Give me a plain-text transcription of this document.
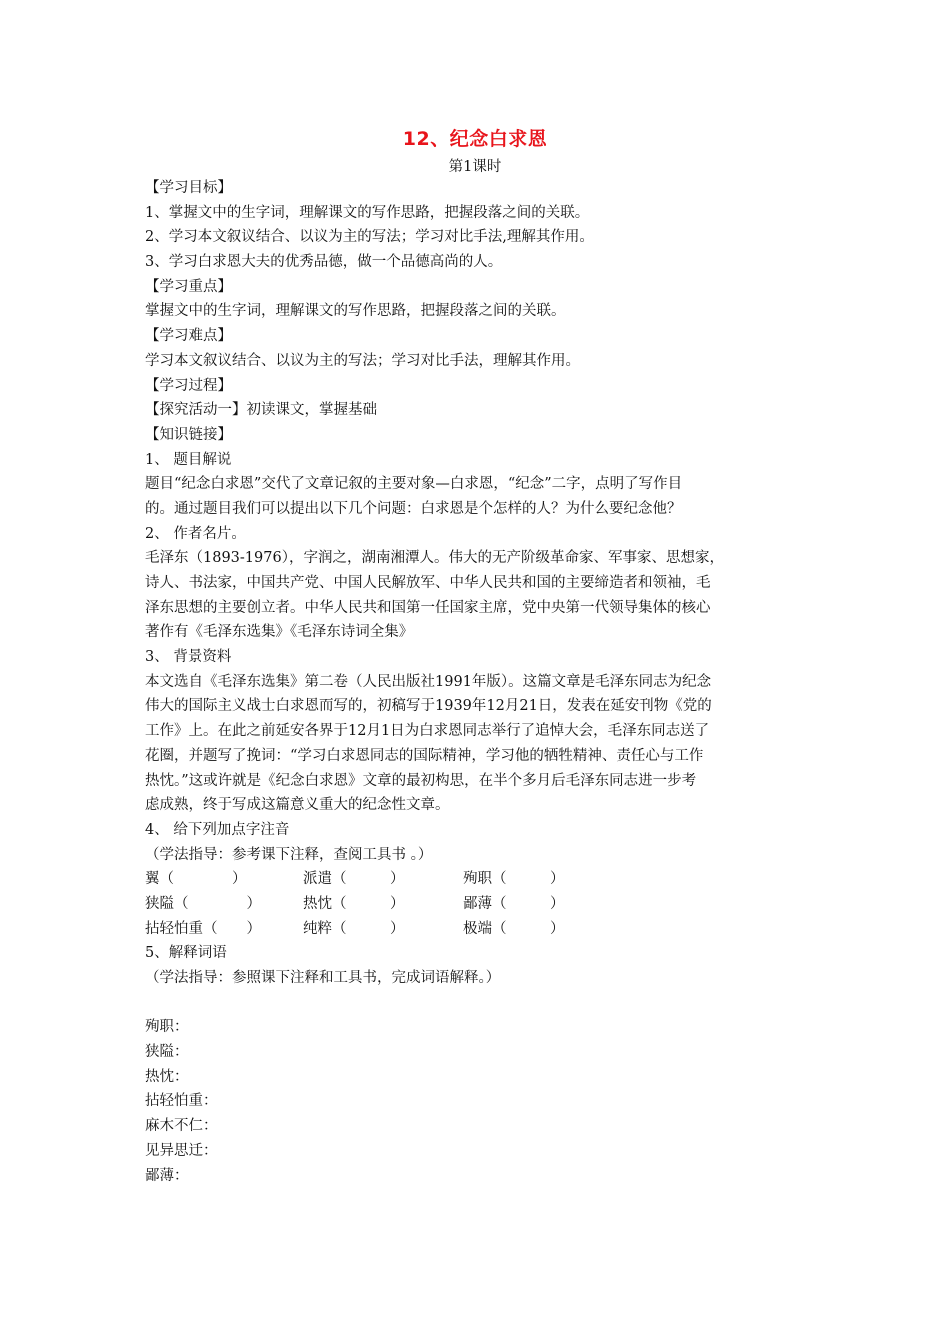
12、纪念白求恩
第1课时
【学习目标】
1、掌握文中的生字词，理解课文的写作思路，把握段落之间的关联。
2、学习本文叙议结合、以议为主的写法；学习对比手法,理解其作用。
3、学习白求恩大夫的优秀品德，做一个品德高尚的人。
【学习重点】
掌握文中的生字词，理解课文的写作思路，把握段落之间的关联。
【学习难点】
学习本文叙议结合、以议为主的写法；学习对比手法，理解其作用。
【学习过程】
【探究活动一】初读课文，掌握基础
【知识链接】
1、 题目解说
题目“纪念白求恩”交代了文章记叙的主要对象—白求恩，“纪念”二字，点明了写作目
的。通过题目我们可以提出以下几个问题：白求恩是个怎样的人？为什么要纪念他？
2、 作者名片。
毛泽东（1893-1976），字润之，湖南湘潭人。伟大的无产阶级革命家、军事家、思想家，
诗人、书法家，中国共产党、中国人民解放军、中华人民共和国的主要缔造者和领袖，毛
泽东思想的主要创立者。中华人民共和国第一任国家主席，党中央第一代领导集体的核心
著作有《毛泽东选集》《毛泽东诗词全集》
3、 背景资料
本文选自《毛泽东选集》第二卷（人民出版社1991年版）。这篇文章是毛泽东同志为纪念
伟大的国际主义战士白求恩而写的，初稿写于1939年12月21日，发表在延安刊物《党的
工作》上。在此之前延安各界于12月1日为白求恩同志举行了追悼大会，毛泽东同志送了
花圈，并题写了挽词：“学习白求恩同志的国际精神，学习他的牺牲精神、责任心与工作
热忱。”这或许就是《纪念白求恩》文章的最初构思，在半个多月后毛泽东同志进一步考
虑成熟，终于写成这篇意义重大的纪念性文章。
4、 给下列加点字注音
（学法指导：参考课下注释，查阅工具书 。）
翼（　　　　）	派遣（　　　）	殉职（　　　）
狭隘（　　　　）	热忱（　　　）	鄙薄（　　　）
拈轻怕重（　　）	纯粹（　　　）	极端（　　　）
5、解释词语
（学法指导：参照课下注释和工具书，完成词语解释。）
殉职：
狭隘：
热忱：
拈轻怕重：
麻木不仁：
见异思迁：
鄙薄：
